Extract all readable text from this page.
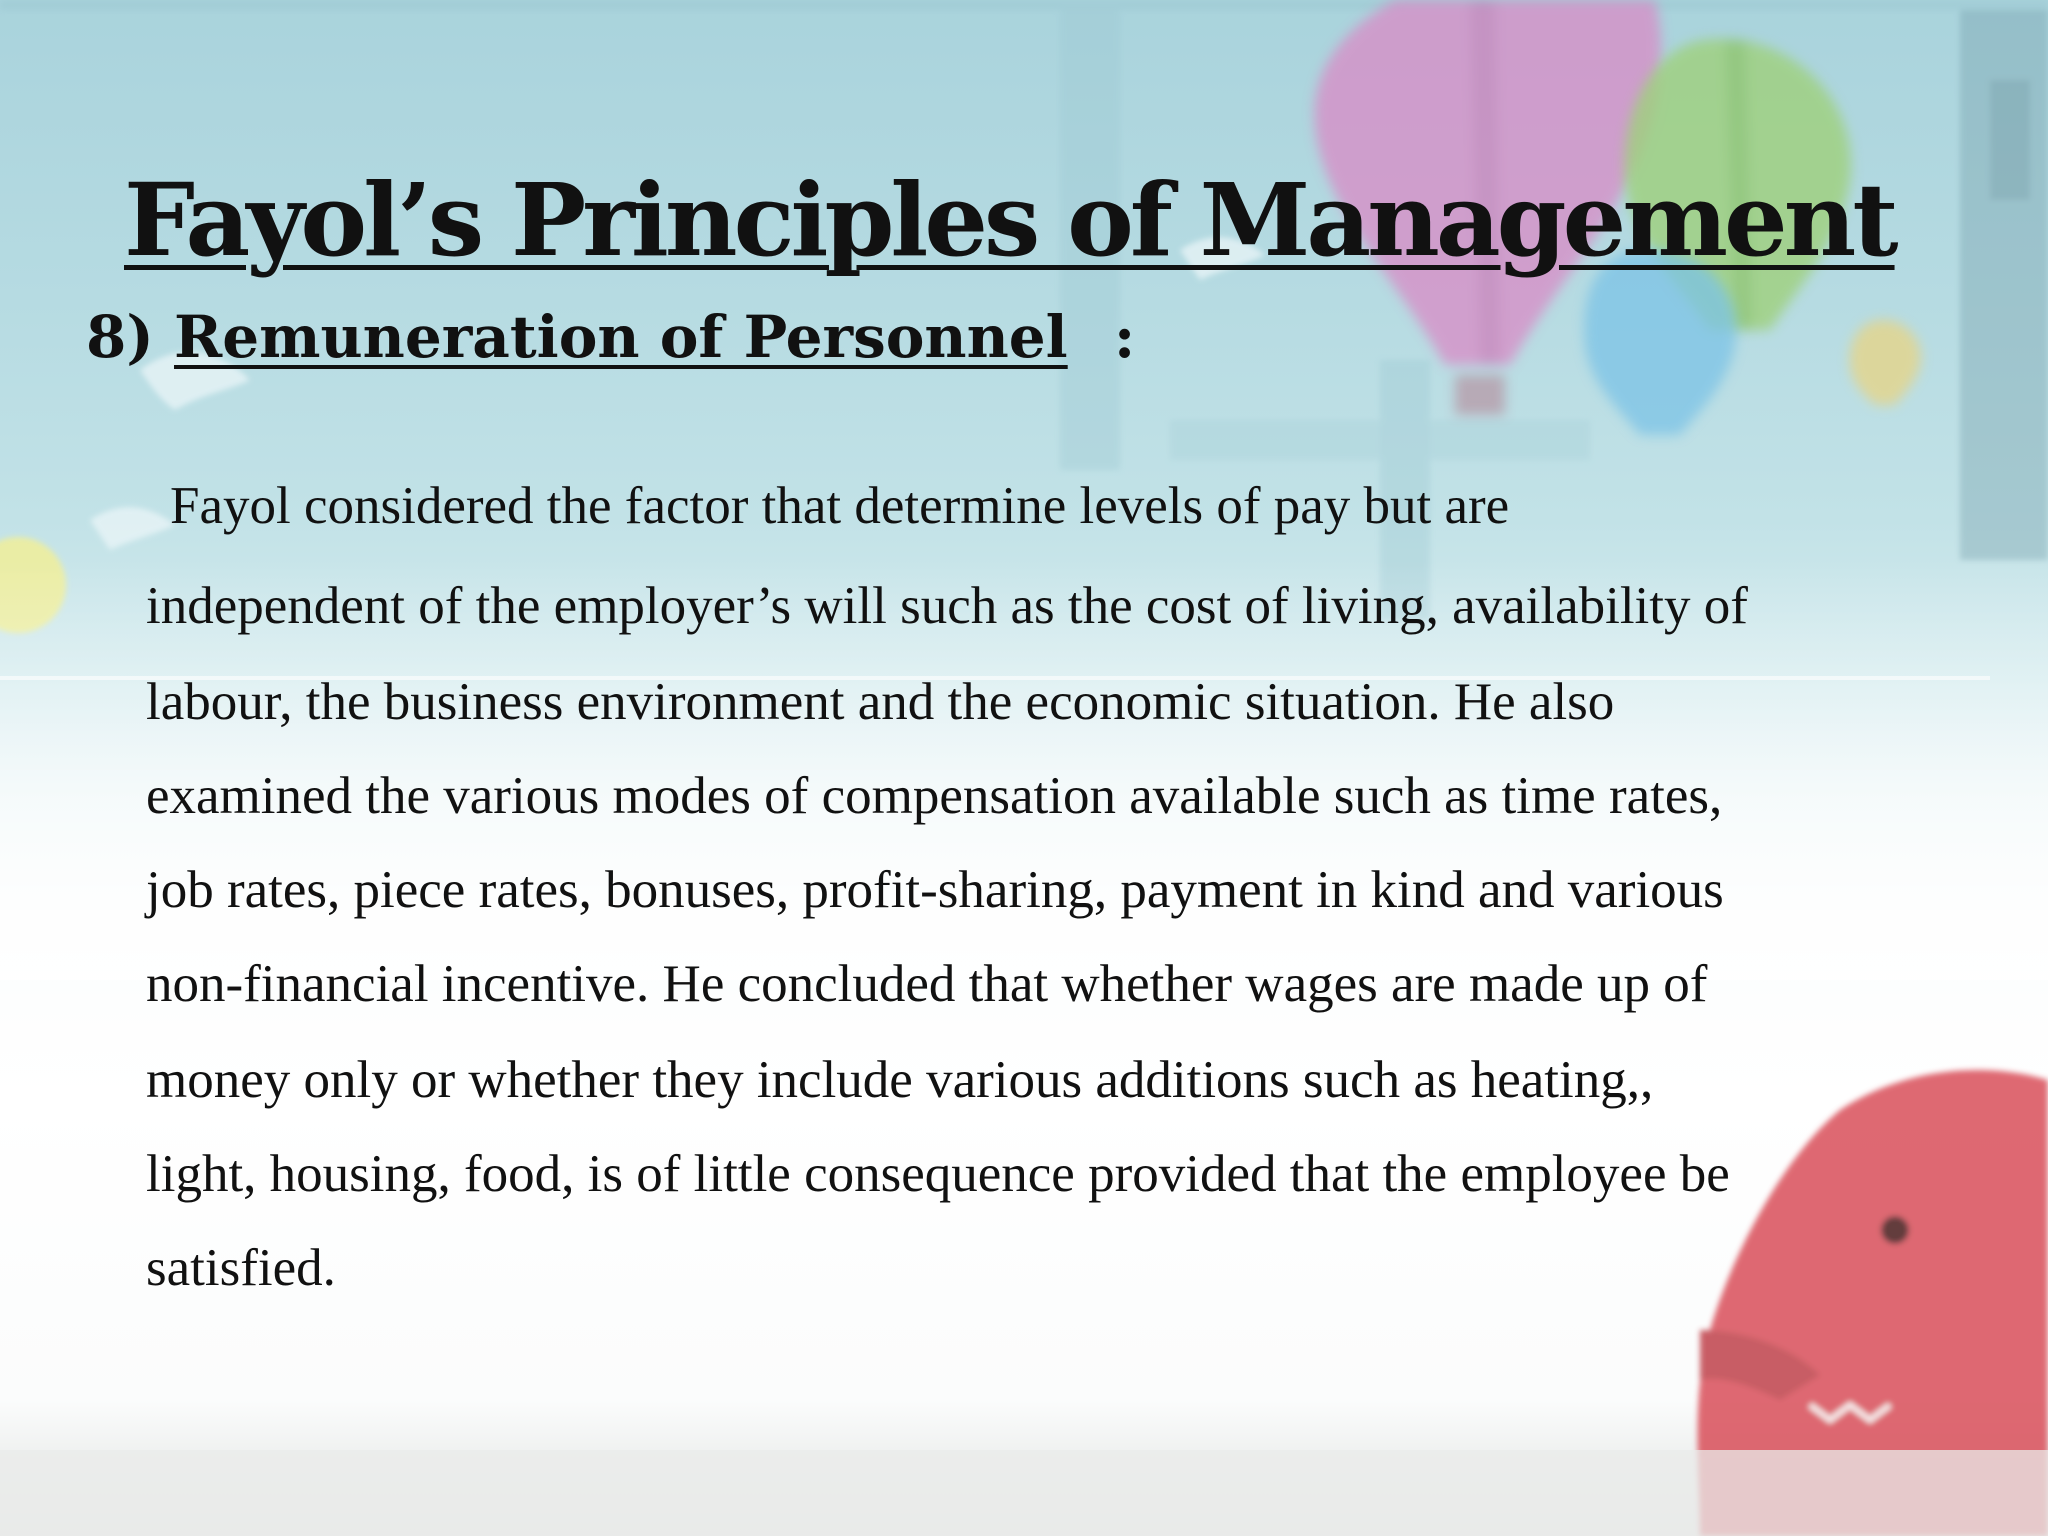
Fayol’s Principles of Management
8) Remuneration of Personnel :
Fayol considered the factor that determine levels of pay but are
independent of the employer’s will such as the cost of living, availability of
labour, the business environment and the economic situation. He also
examined the various modes of compensation available such as time rates,
job rates, piece rates, bonuses, profit-sharing, payment in kind and various
non-financial incentive. He concluded that whether wages are made up of
money only or whether they include various additions such as heating,,
light, housing, food, is of little consequence provided that the employee be
satisfied.
